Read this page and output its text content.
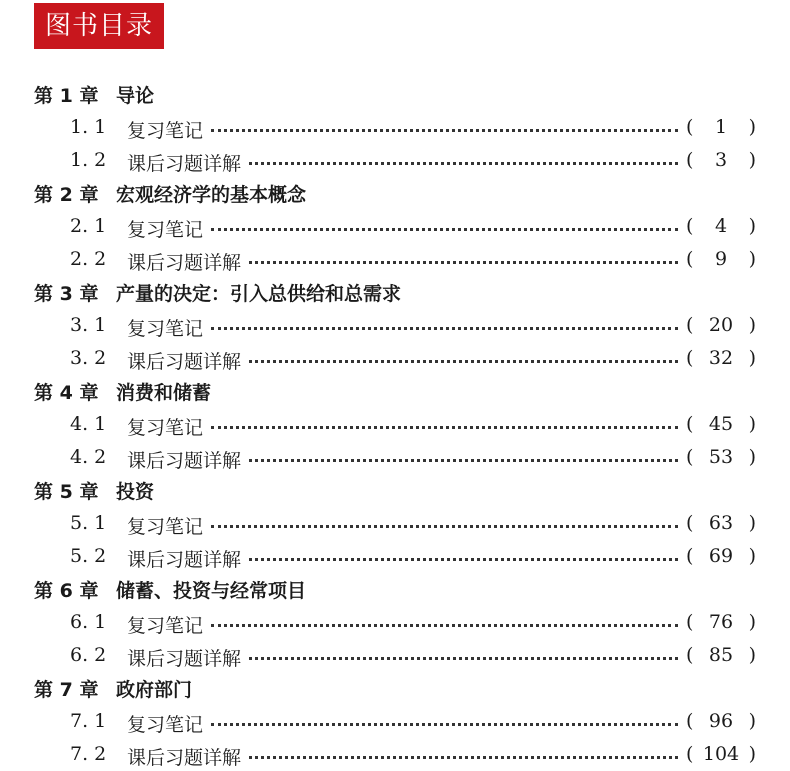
图书目录
第 1 章 导论
1. 1 复习笔记	(	1	)
1. 2 课后习题详解	(	3	)
第 2 章 宏观经济学的基本概念
2. 1 复习笔记	(	4	)
2. 2 课后习题详解	(	9	)
第 3 章 产量的决定：引入总供给和总需求
3. 1 复习笔记	( 20 )
3. 2 课后习题详解	( 32 )
第 4 章 消费和储蓄
4. 1 复习笔记	( 45 )
4. 2 课后习题详解	( 53 )
第 5 章 投资
5. 1 复习笔记	( 63 )
5. 2 课后习题详解	( 69 )
第 6 章 储蓄、投资与经常项目
6. 1 复习笔记	( 76 )
6. 2 课后习题详解	( 85 )
第 7 章 政府部门
7. 1 复习笔记	( 96 )
7. 2 课后习题详解	( 104 )
